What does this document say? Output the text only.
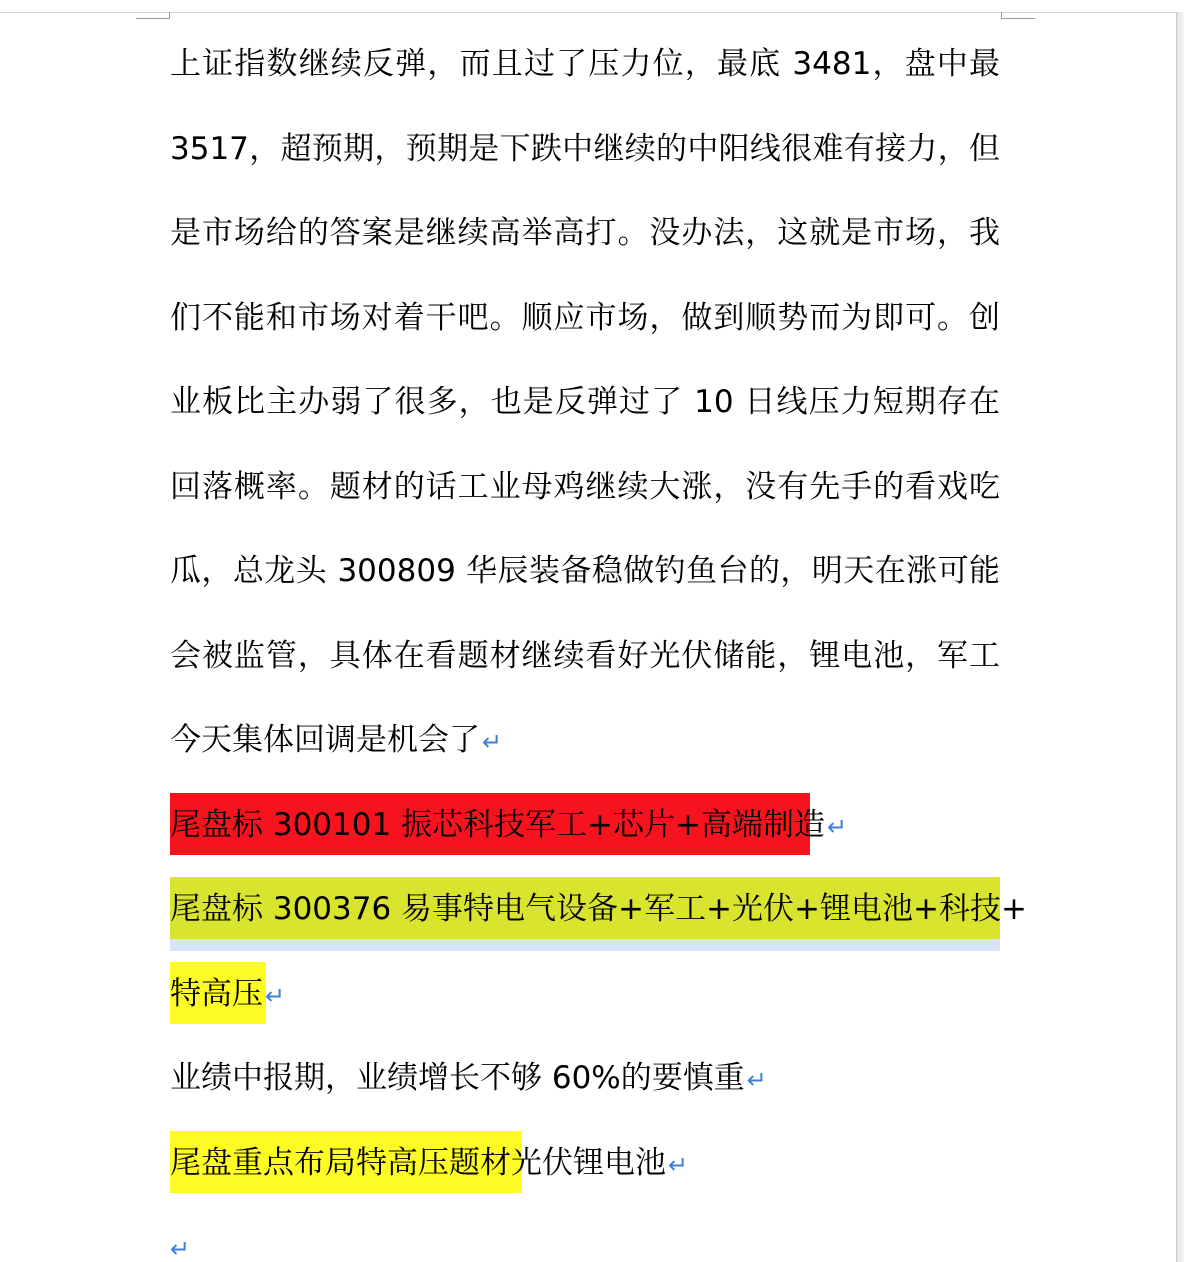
上证指数继续反弹，而且过了压力位，最底 3481，盘中最
3517，超预期，预期是下跌中继续的中阳线很难有接力，但
是市场给的答案是继续高举高打。没办法，这就是市场，我
们不能和市场对着干吧。顺应市场，做到顺势而为即可。创
业板比主办弱了很多，也是反弹过了 10 日线压力短期存在
回落概率。题材的话工业母鸡继续大涨，没有先手的看戏吃
瓜，总龙头 300809 华辰装备稳做钓鱼台的，明天在涨可能
会被监管，具体在看题材继续看好光伏储能，锂电池，军工
今天集体回调是机会了↵
尾盘标 300101 振芯科技军工+芯片+高端制造↵
尾盘标 300376 易事特电气设备+军工+光伏+锂电池+科技+
特高压↵
业绩中报期，业绩增长不够 60%的要慎重↵
尾盘重点布局特高压题材光伏锂电池↵
↵
